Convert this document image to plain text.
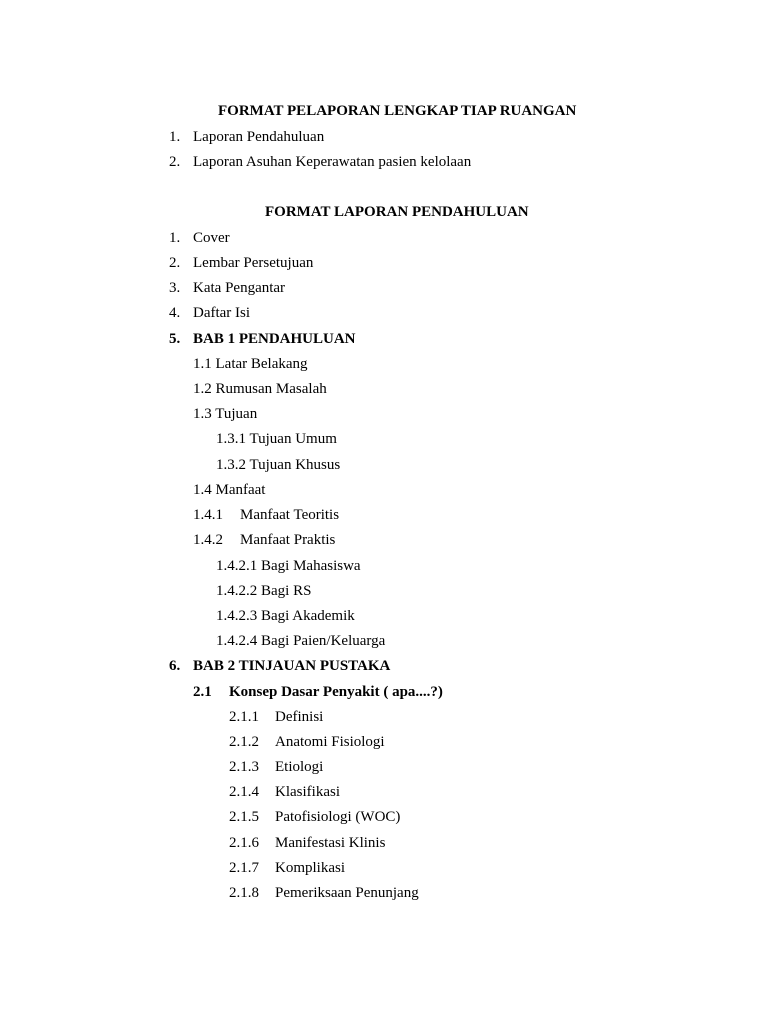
FORMAT PELAPORAN LENGKAP TIAP RUANGAN
1. Laporan Pendahuluan
2. Laporan Asuhan Keperawatan pasien kelolaan
FORMAT LAPORAN PENDAHULUAN
1. Cover
2. Lembar Persetujuan
3. Kata Pengantar
4. Daftar Isi
5. BAB 1 PENDAHULUAN
1.1 Latar Belakang
1.2 Rumusan Masalah
1.3 Tujuan
1.3.1 Tujuan Umum
1.3.2 Tujuan Khusus
1.4 Manfaat
1.4.1 Manfaat Teoritis
1.4.2 Manfaat Praktis
1.4.2.1 Bagi Mahasiswa
1.4.2.2 Bagi RS
1.4.2.3 Bagi Akademik
1.4.2.4 Bagi Paien/Keluarga
6. BAB 2 TINJAUAN PUSTAKA
2.1 Konsep Dasar Penyakit ( apa....?)
2.1.1 Definisi
2.1.2 Anatomi Fisiologi
2.1.3 Etiologi
2.1.4 Klasifikasi
2.1.5 Patofisiologi (WOC)
2.1.6 Manifestasi Klinis
2.1.7 Komplikasi
2.1.8 Pemeriksaan Penunjang
